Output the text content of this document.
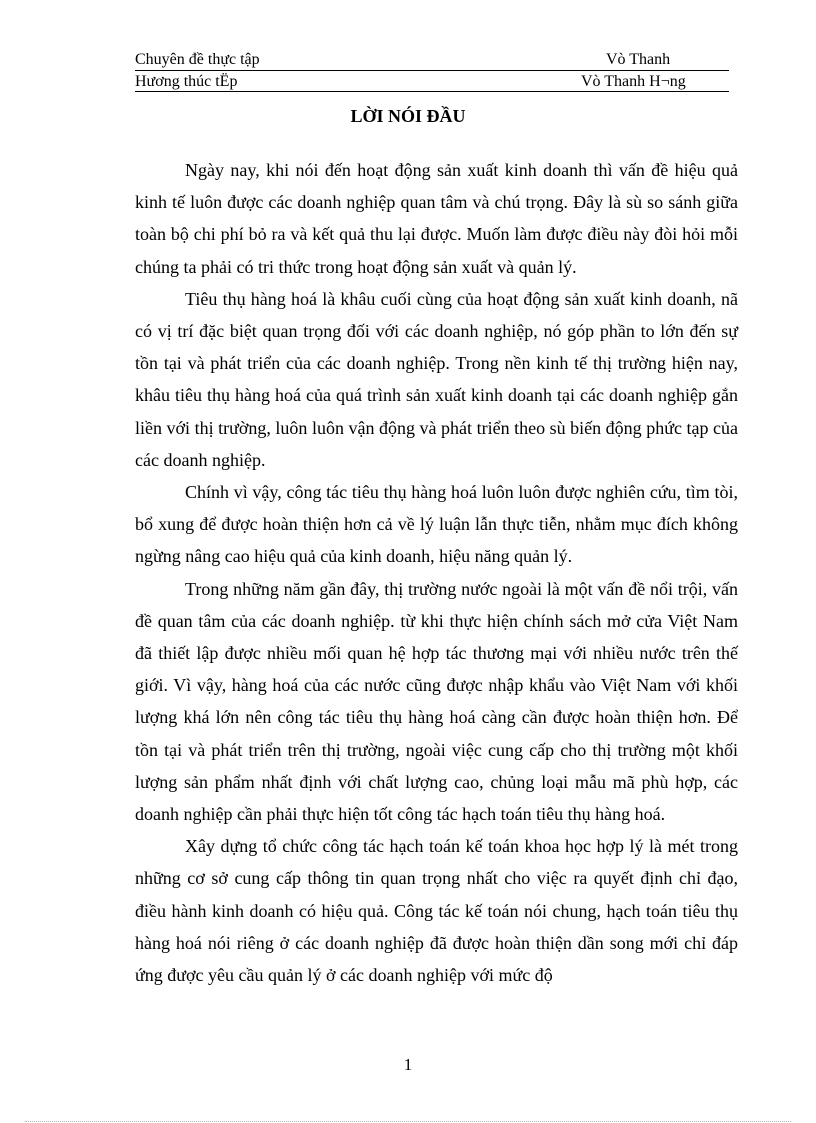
Chuyên đề thực tập	Vò Thanh
Hương thúc tËp	Vò Thanh H¬ng
LỜI NÓI ĐẦU

Ngày nay, khi nói đến hoạt động sản xuất kinh doanh thì vấn đề hiệu quả kinh tế luôn được các doanh nghiệp quan tâm và chú trọng. Đây là sù so sánh giữa toàn bộ chi phí bỏ ra và kết quả thu lại được. Muốn làm được điều này đòi hỏi mỗi chúng ta phải có tri thức trong hoạt động sản xuất và quản lý.

Tiêu thụ hàng hoá là khâu cuối cùng của hoạt động sản xuất kinh doanh, nã có vị trí đặc biệt quan trọng đối với các doanh nghiệp, nó góp phần to lớn đến sự tồn tại và phát triển của các doanh nghiệp. Trong nền kinh tế thị trường hiện nay, khâu tiêu thụ hàng hoá của quá trình sản xuất kinh doanh tại các doanh nghiệp gắn liền với thị trường, luôn luôn vận động và phát triển theo sù biến động phức tạp của các doanh nghiệp.

Chính vì vậy, công tác tiêu thụ hàng hoá luôn luôn được nghiên cứu, tìm tòi, bổ xung để được hoàn thiện hơn cả về lý luận lẫn thực tiễn, nhằm mục đích không ngừng nâng cao hiệu quả của kinh doanh, hiệu năng quản lý.

Trong những năm gần đây, thị trường nước ngoài là một vấn đề nổi trội, vấn đề quan tâm của các doanh nghiệp. từ khi thực hiện chính sách mở cửa Việt Nam đã thiết lập được nhiều mối quan hệ hợp tác thương mại với nhiều nước trên thế giới. Vì vậy, hàng hoá của các nước cũng được nhập khẩu vào Việt Nam với khối lượng khá lớn nên công tác tiêu thụ hàng hoá càng cần được hoàn thiện hơn. Để tồn tại và phát triển trên thị trường, ngoài việc cung cấp cho thị trường một khối lượng sản phẩm nhất định với chất lượng cao, chủng loại mẫu mã phù hợp, các doanh nghiệp cần phải thực hiện tốt công tác hạch toán tiêu thụ hàng hoá.

Xây dựng tổ chức công tác hạch toán kế toán khoa học hợp lý là mét trong những cơ sở cung cấp thông tin quan trọng nhất cho việc ra quyết định chỉ đạo, điều hành kinh doanh có hiệu quả. Công tác kế toán nói chung, hạch toán tiêu thụ hàng hoá nói riêng ở các doanh nghiệp đã được hoàn thiện dần song mới chỉ đáp ứng được yêu cầu quản lý ở các doanh nghiệp với mức độ

1
